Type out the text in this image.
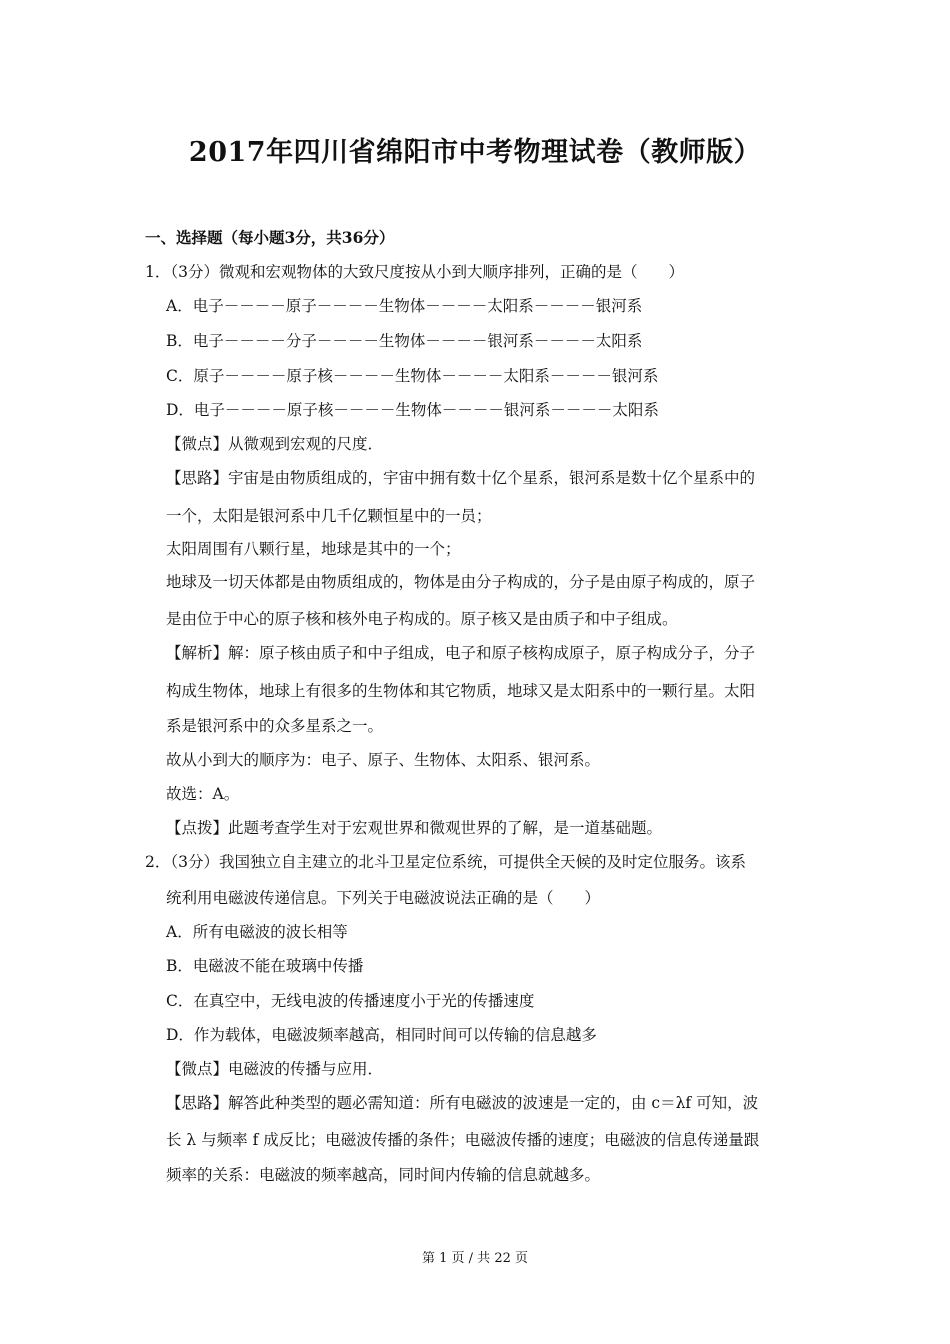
2017年四川省绵阳市中考物理试卷（教师版）
一、选择题（每小题3分，共36分）
1．（3分）微观和宏观物体的大致尺度按从小到大顺序排列，正确的是（　　）
A．电子－－－－原子－－－－生物体－－－－太阳系－－－－银河系
B．电子－－－－分子－－－－生物体－－－－银河系－－－－太阳系
C．原子－－－－原子核－－－－生物体－－－－太阳系－－－－银河系
D．电子－－－－原子核－－－－生物体－－－－银河系－－－－太阳系
【微点】从微观到宏观的尺度．
【思路】宇宙是由物质组成的，宇宙中拥有数十亿个星系，银河系是数十亿个星系中的
一个，太阳是银河系中几千亿颗恒星中的一员；
太阳周围有八颗行星，地球是其中的一个；
地球及一切天体都是由物质组成的，物体是由分子构成的，分子是由原子构成的，原子
是由位于中心的原子核和核外电子构成的。原子核又是由质子和中子组成。
【解析】解：原子核由质子和中子组成，电子和原子核构成原子，原子构成分子，分子
构成生物体，地球上有很多的生物体和其它物质，地球又是太阳系中的一颗行星。太阳
系是银河系中的众多星系之一。
故从小到大的顺序为：电子、原子、生物体、太阳系、银河系。
故选：A。
【点拨】此题考查学生对于宏观世界和微观世界的了解，是一道基础题。
2．（3分）我国独立自主建立的北斗卫星定位系统，可提供全天候的及时定位服务。该系
统利用电磁波传递信息。下列关于电磁波说法正确的是（　　）
A．所有电磁波的波长相等
B．电磁波不能在玻璃中传播
C．在真空中，无线电波的传播速度小于光的传播速度
D．作为载体，电磁波频率越高，相同时间可以传输的信息越多
【微点】电磁波的传播与应用．
【思路】解答此种类型的题必需知道：所有电磁波的波速是一定的，由 c＝λf 可知，波
长 λ 与频率 f 成反比；电磁波传播的条件；电磁波传播的速度；电磁波的信息传递量跟
频率的关系：电磁波的频率越高，同时间内传输的信息就越多。
第 1 页 / 共 22 页
